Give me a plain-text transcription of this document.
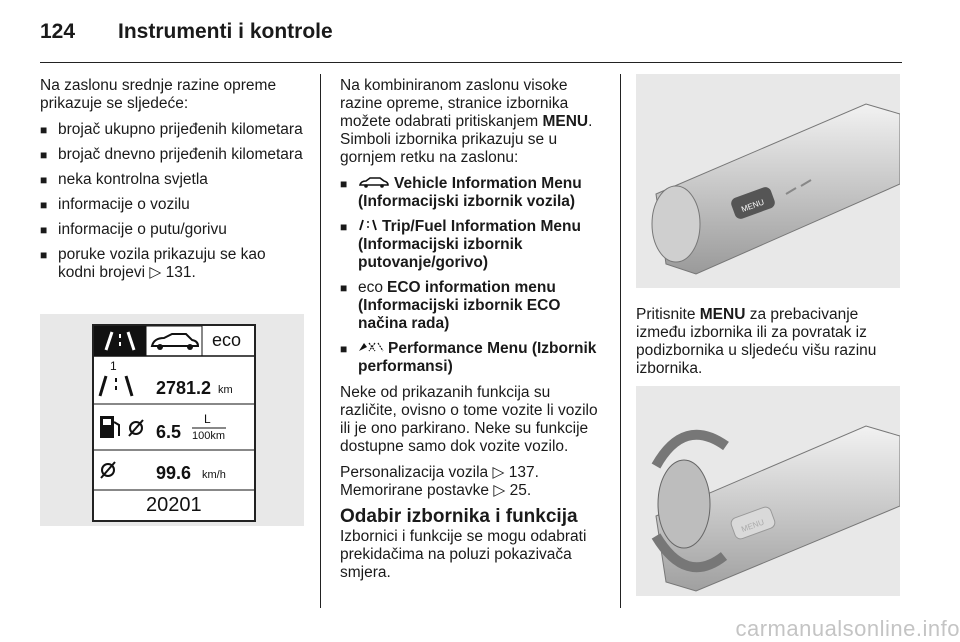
124 Instrumenti i kontrole

Na zaslonu srednje razine opreme prikazuje se sljedeće:

■ brojač ukupno prijeđenih kilometara
■ brojač dnevno prijeđenih kilometara
■ neka kontrolna svjetla
■ informacije o vozilu
■ informacije o putu/gorivu
■ poruke vozila prikazuju se kao kodni brojevi ▷ 131.
eco
1
2781.2 km
6.5
L
100km
99.6 km/h
20201

Na kombiniranom zaslonu visoke razine opreme, stranice izbornika možete odabrati pritiskanjem MENU. Simboli izbornika prikazuju se u gornjem retku na zaslonu:

■ Vehicle Information Menu (Informacijski izbornik vozila)
■ Trip/Fuel Information Menu (Informacijski izbornik putovanje/gorivo)
■ eco ECO information menu (Informacijski izbornik ECO načina rada)
■ Performance Menu (Izbornik performansi)

Neke od prikazanih funkcija su različite, ovisno o tome vozite li vozilo ili je ono parkirano. Neke su funkcije dostupne samo dok vozite vozilo.

Personalizacija vozila ▷ 137.
Memorirane postavke ▷ 25.

Odabir izbornika i funkcija

Izbornici i funkcije se mogu odabrati prekidačima na poluzi pokazivača smjera.

MENU

Pritisnite MENU za prebacivanje između izbornika ili za povratak iz podizbornika u sljedeću višu razinu izbornika.

MENU
carmanualsonline.info
